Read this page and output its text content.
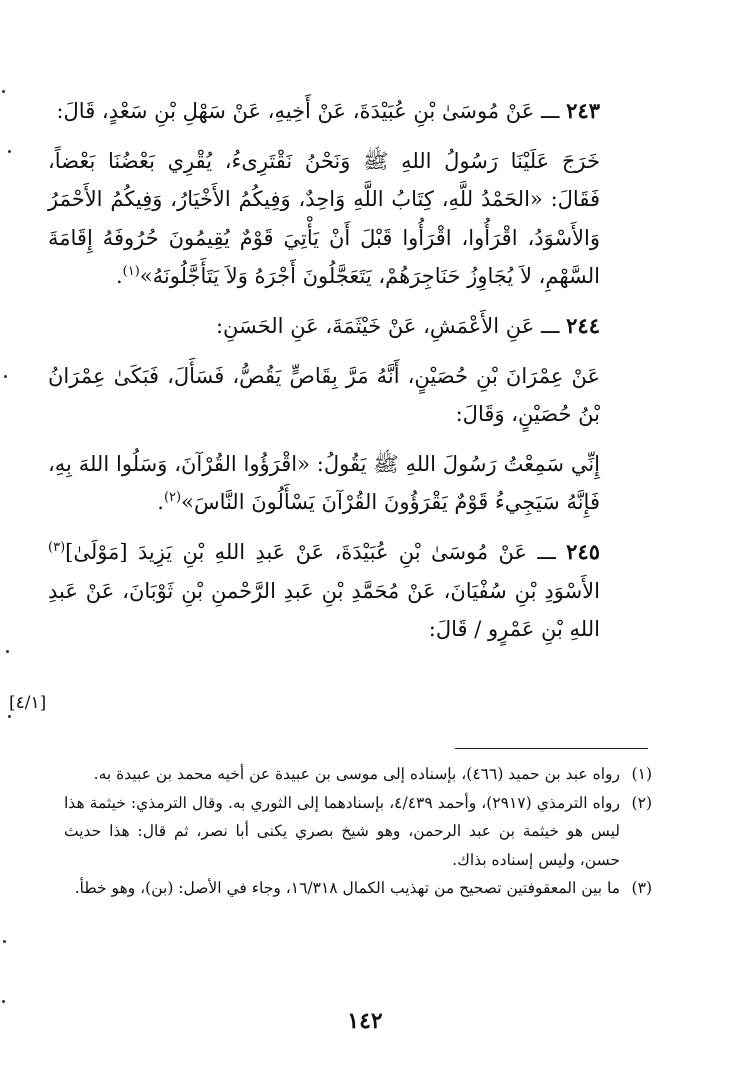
٢٤٣ ـــ عَنْ مُوسَىٰ بْنِ عُبَيْدَةَ، عَنْ أَخِيهِ، عَنْ سَهْلِ بْنِ سَعْدٍ، قَالَ:

خَرَجَ عَلَيْنَا رَسُولُ اللهِ ﷺ وَنَحْنُ نَقْتَرِىءُ، يُقْرِي بَعْضُنَا بَعْضاً، فَقَالَ: «الحَمْدُ للَّهِ، كِتَابُ اللَّهِ وَاحِدٌ، وَفِيكُمُ الأَخْيَارُ، وَفِيكُمُ الأَحْمَرُ وَالأَسْوَدُ، اقْرَأُوا، اقْرَأُوا قَبْلَ أَنْ يَأْتِيَ قَوْمٌ يُقِيمُونَ حُرُوفَهُ إِقَامَةَ السَّهْمِ، لاَ يُجَاوِزُ حَنَاجِرَهُمْ، يَتَعَجَّلُونَ أَجْرَهُ وَلاَ يَتَأَجَّلُونَهُ»$^{(١)}$.

٢٤٤ ـــ عَنِ الأَعْمَشِ، عَنْ خَيْثَمَةَ، عَنِ الحَسَنِ:

عَنْ عِمْرَانَ بْنِ حُصَيْنٍ، أَنَّهُ مَرَّ بِقَاصٍّ يَقُصُّ، فَسَأَلَ، فَبَكَىٰ عِمْرَانُ بْنُ حُصَيْنٍ، وَقَالَ:

إِنِّي سَمِعْتُ رَسُولَ اللهِ ﷺ يَقُولُ: «اقْرَؤُوا القُرْآنَ، وَسَلُوا اللهَ بِهِ، فَإِنَّهُ سَيَجِيءُ قَوْمٌ يَقْرَؤُونَ القُرْآنَ يَسْأَلُونَ النَّاسَ»$^{(٢)}$.

٢٤٥ ـــ عَنْ مُوسَىٰ بْنِ عُبَيْدَةَ، عَنْ عَبدِ اللهِ بْنِ يَزِيدَ [مَوْلَىٰ]$^{(٣)}$ الأَسْوَدِ بْنِ سُفْيَانَ، عَنْ مُحَمَّدِ بْنِ عَبدِ الرَّحْمنِ بْنِ ثَوْبَانَ، عَنْ عَبدِ اللهِ بْنِ عَمْرٍو / قَالَ:

[٤/١]

(١)
رواه عبد بن حميد (٤٦٦)، بإسناده إلى موسى بن عبيدة عن أخيه محمد بن عبيدة به.

(٢)
رواه الترمذي (٢٩١٧)، وأحمد ٤/٤٣٩، بإسنادهما إلى الثوري به. وقال الترمذي: خيثمة هذا ليس هو خيثمة بن عبد الرحمن، وهو شيخ بصري يكنى أبا نصر، ثم قال: هذا حديث حسن، وليس إسناده بذاك.

(٣)
ما بين المعقوفتين تصحيح من تهذيب الكمال ١٦/٣١٨، وجاء في الأصل: (بن)، وهو خطأ.

١٤٢
